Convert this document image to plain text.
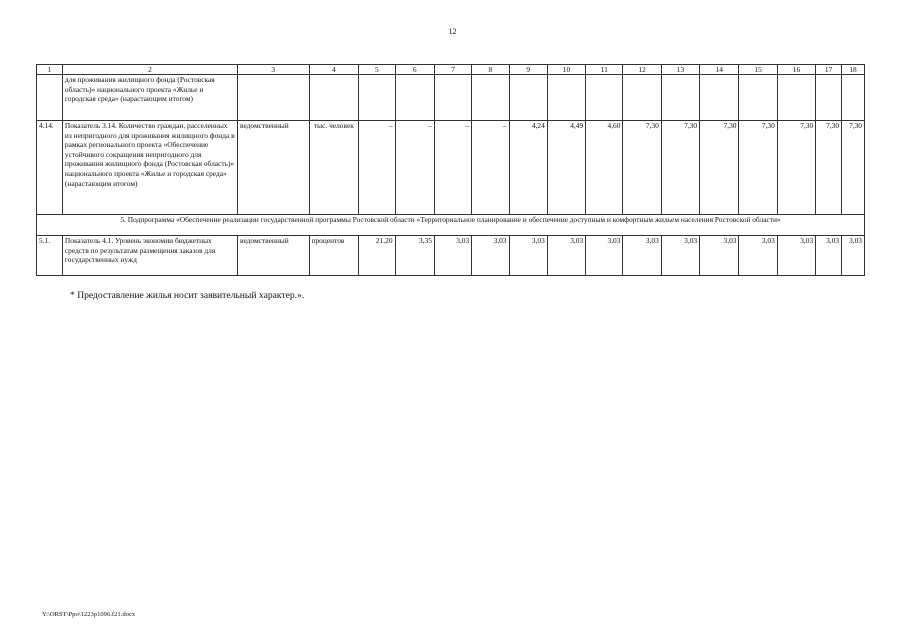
12
1	2	3	4	5	6	7	8	9	10	11	12	13	14	15	16	17	18
	для проживания жилищного фонда (Ростовская область)» национального проекта «Жилье и городская среда» (нарастающим итогом)																
4.14.	Показатель 3.14. Количество граждан, расселенных из непригодного для проживания жилищного фонда в рамках регионального проекта «Обеспечение устойчивого сокращения непригодного для проживания жилищного фонда (Ростовская область)» национального проекта «Жилье и городская среда» (нарастающим итогом)	ведомственный	тыс. человек	–	–	–	–	4,24	4,49	4,60	7,30	7,30	7,30	7,30	7,30	7,30	7,30
5. Подпрограмма «Обеспечение реализации государственной программы Ростовской области «Территориальное планирование и обеспечение доступным и комфортным жильем населения Ростовской области»																	
5.1.	Показатель 4.1. Уровень экономии бюджетных средств по результатам размещения заказов для государственных нужд	ведомственный	процентов	21,20	3,35	3,03	3,03	3,03	3,03	3,03	3,03	3,03	3,03	3,03	3,03	3,03	3,03
* Предоставление жилья носит заявительный характер.».
Y:\ORST\Ppo\1223p1096.f21.docx
